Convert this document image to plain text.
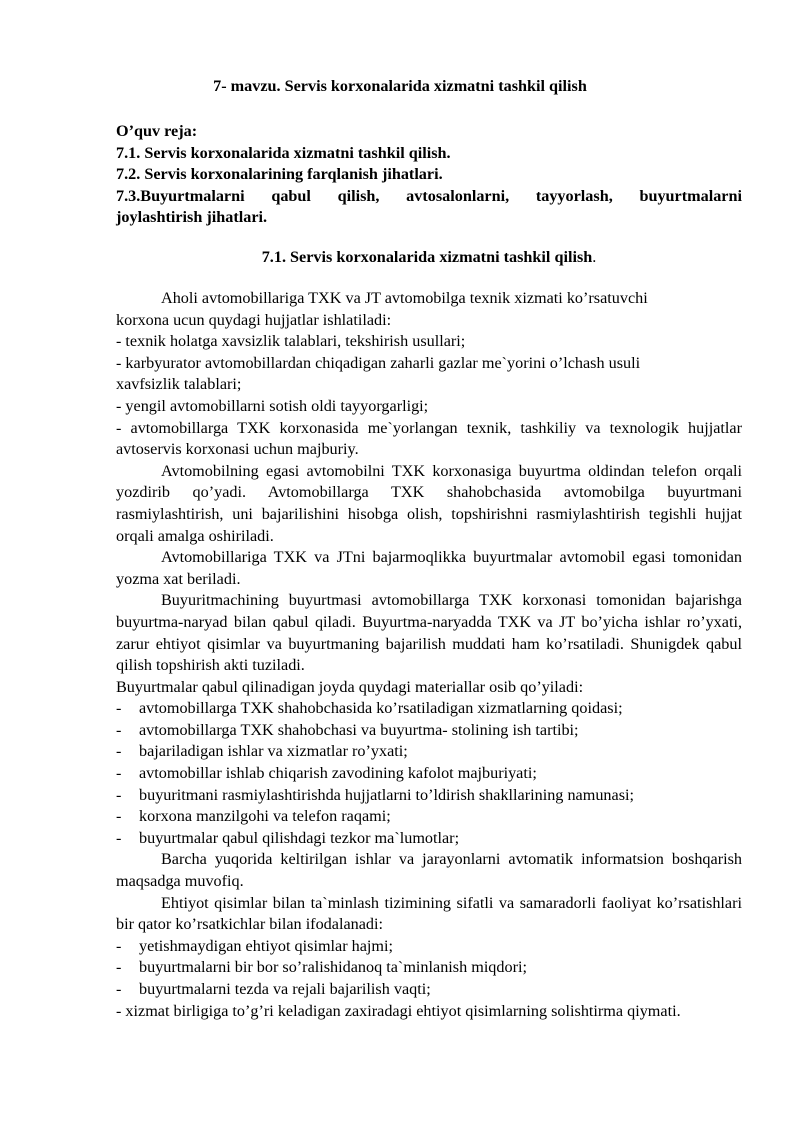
7- mavzu. Servis korxonalarida xizmatni tashkil qilish
O’quv reja:
7.1. Servis korxonalarida xizmatni tashkil qilish.
7.2. Servis korxonalarining farqlanish jihatlari.
7.3.Buyurtmalarni qabul qilish, avtosalonlarni, tayyorlash, buyurtmalarni
joylashtirish jihatlari.
7.1. Servis korxonalarida xizmatni tashkil qilish.

Aholi avtomobillariga TXK va JT avtomobilga texnik xizmati ko’rsatuvchi

korxona ucun quydagi hujjatlar ishlatiladi:

- texnik holatga xavsizlik talablari, tekshirish usullari;

- karbyurator avtomobillardan chiqadigan zaharli gazlar me`yorini o’lchash usuli

xavfsizlik talablari;

- yengil avtomobillarni sotish oldi tayyorgarligi;

- avtomobillarga TXK korxonasida me`yorlangan texnik, tashkiliy va texnologik hujjatlar avtoservis korxonasi uchun majburiy.

Avtomobilning egasi avtomobilni TXK korxonasiga buyurtma oldindan telefon orqali yozdirib qo’yadi. Avtomobillarga TXK shahobchasida avtomobilga buyurtmani rasmiylashtirish, uni bajarilishini hisobga olish, topshirishni rasmiylashtirish tegishli hujjat orqali amalga oshiriladi.

Avtomobillariga TXK va JTni bajarmoqlikka buyurtmalar avtomobil egasi tomonidan yozma xat beriladi.

Buyuritmachining buyurtmasi avtomobillarga TXK korxonasi tomonidan bajarishga buyurtma-naryad bilan qabul qiladi. Buyurtma-naryadda TXK va JT bo’yicha ishlar ro’yxati, zarur ehtiyot qisimlar va buyurtmaning bajarilish muddati ham ko’rsatiladi. Shunigdek qabul qilish topshirish akti tuziladi.

Buyurtmalar qabul qilinadigan joyda quydagi materiallar osib qo’yiladi:

-	avtomobillarga TXK shahobchasida ko’rsatiladigan xizmatlarning qoidasi;
-	avtomobillarga TXK shahobchasi va buyurtma- stolining ish tartibi;
-	bajariladigan ishlar va xizmatlar ro’yxati;
-	avtomobillar ishlab chiqarish zavodining kafolot majburiyati;
-	buyuritmani rasmiylashtirishda hujjatlarni to’ldirish shakllarining namunasi;
-	korxona manzilgohi va telefon raqami;
-	buyurtmalar qabul qilishdagi tezkor ma`lumotlar;

Barcha yuqorida keltirilgan ishlar va jarayonlarni avtomatik informatsion boshqarish maqsadga muvofiq.

Ehtiyot qisimlar bilan ta`minlash tizimining sifatli va samaradorli faoliyat ko’rsatishlari bir qator ko’rsatkichlar bilan ifodalanadi:

-	yetishmaydigan ehtiyot qisimlar hajmi;
-	buyurtmalarni bir bor so’ralishidanoq ta`minlanish miqdori;
-	buyurtmalarni tezda va rejali bajarilish vaqti;

- xizmat birligiga to’g’ri keladigan zaxiradagi ehtiyot qisimlarning solishtirma qiymati.
